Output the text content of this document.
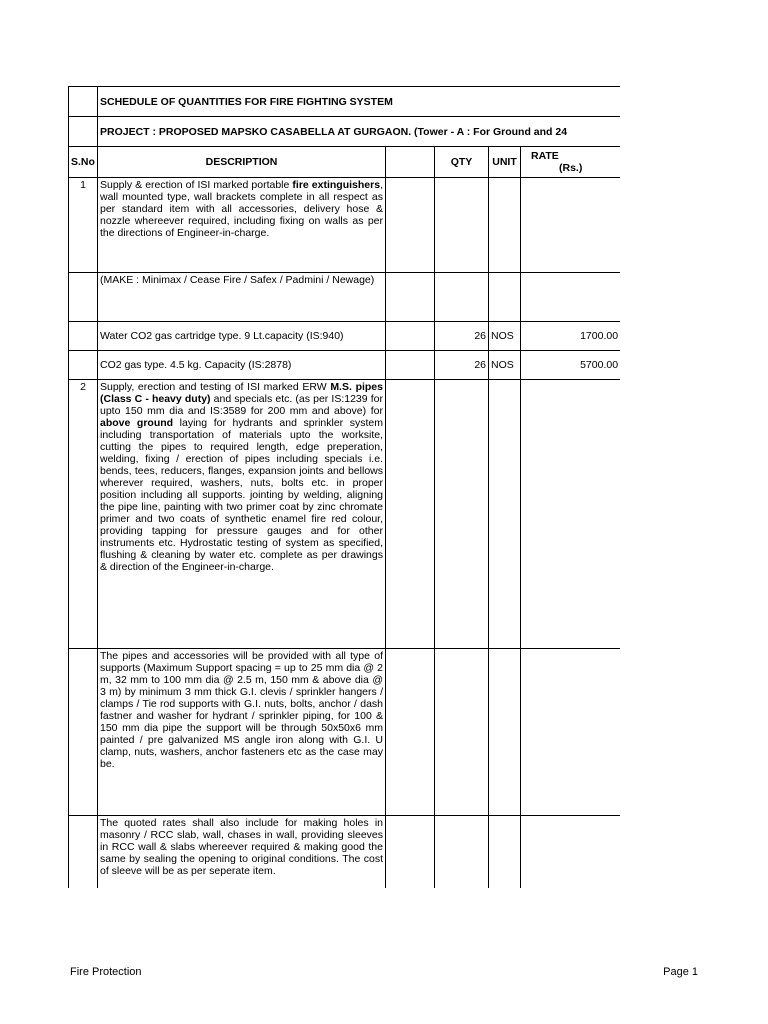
	SCHEDULE OF QUANTITIES FOR FIRE FIGHTING SYSTEM				
	PROJECT : PROPOSED MAPSKO CASABELLA AT GURGAON. (Tower - A : For Ground and 24				
S.No	DESCRIPTION		QTY	UNIT	RATE
(Rs.)

1	Supply & erection of ISI marked portable fire extinguishers, wall mounted type, wall brackets complete in all respect as per standard item with all accessories, delivery hose & nozzle whereever required, including fixing on walls as per the directions of Engineer-in-charge.				
	(MAKE : Minimax / Cease Fire / Safex / Padmini / Newage)				
	Water CO2 gas cartridge type. 9 Lt.capacity (IS:940)		26	NOS	1700.00
	CO2 gas type. 4.5 kg. Capacity (IS:2878)		26	NOS	5700.00
2	Supply, erection and testing of ISI marked ERW M.S. pipes (Class C - heavy duty) and specials etc. (as per IS:1239 for upto 150 mm dia and IS:3589 for 200 mm and above) for above ground laying for hydrants and sprinkler system including transportation of materials upto the worksite, cutting the pipes to required length, edge preperation, welding, fixing / erection of pipes including specials i.e. bends, tees, reducers, flanges, expansion joints and bellows wherever required, washers, nuts, bolts etc. in proper position including all supports. jointing by welding, aligning the pipe line, painting with two primer coat by zinc chromate primer and two coats of synthetic enamel fire red colour, providing tapping for pressure gauges and for other instruments etc. Hydrostatic testing of system as specified, flushing & cleaning by water etc. complete as per drawings & direction of the Engineer-in-charge.				
	The pipes and accessories will be provided with all type of supports (Maximum Support spacing = up to 25 mm dia @ 2 m, 32 mm to 100 mm dia @ 2.5 m, 150 mm & above dia @ 3 m) by minimum 3 mm thick G.I. clevis / sprinkler hangers / clamps / Tie rod supports with G.I. nuts, bolts, anchor / dash fastner and washer for hydrant / sprinkler piping, for 100 & 150 mm dia pipe the support will be through 50x50x6 mm painted / pre galvanized MS angle iron along with G.I. U clamp, nuts, washers, anchor fasteners etc as the case may be.				
	The quoted rates shall also include for making holes in masonry / RCC slab, wall, chases in wall, providing sleeves in RCC wall & slabs whereever required & making good the same by sealing the opening to original conditions. The cost of sleeve will be as per seperate item.				
Fire Protection	Page 1
